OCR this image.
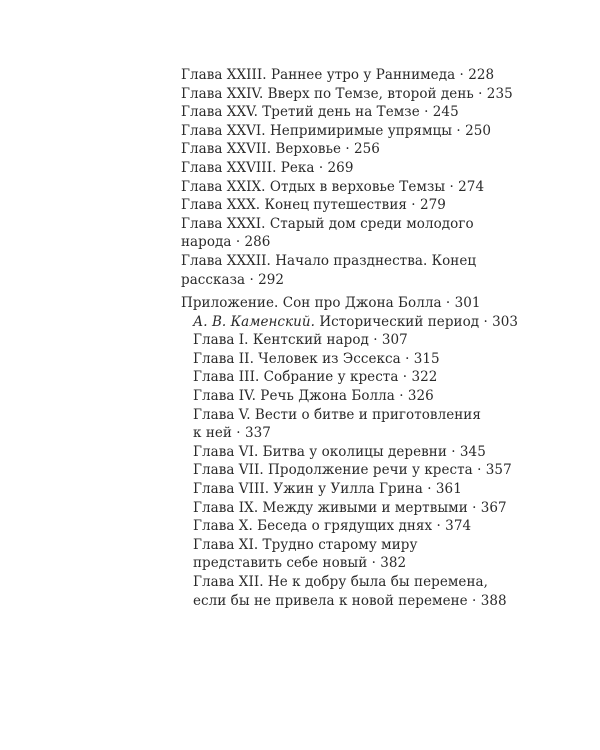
Глава XXIII. Раннее утро у Раннимеда · 228
Глава XXIV. Вверх по Темзе, второй день · 235
Глава XXV. Третий день на Темзе · 245
Глава XXVI. Непримиримые упрямцы · 250
Глава XXVII. Верховье · 256
Глава XXVIII. Река · 269
Глава XXIX. Отдых в верховье Темзы · 274
Глава XXX. Конец путешествия · 279
Глава XXXI. Старый дом среди молодого
народа · 286
Глава XXXII. Начало празднества. Конец
рассказа · 292
Приложение. Сон про Джона Болла · 301
А. В. Каменский. Исторический период · 303
Глава I. Кентский народ · 307
Глава II. Человек из Эссекса · 315
Глава III. Собрание у креста · 322
Глава IV. Речь Джона Болла · 326
Глава V. Вести о битве и приготовления
к ней · 337
Глава VI. Битва у околицы деревни · 345
Глава VII. Продолжение речи у креста · 357
Глава VIII. Ужин у Уилла Грина · 361
Глава IX. Между живыми и мертвыми · 367
Глава X. Беседа о грядущих днях · 374
Глава XI. Трудно старому миру
представить себе новый · 382
Глава XII. Не к добру была бы перемена,
если бы не привела к новой перемене · 388
